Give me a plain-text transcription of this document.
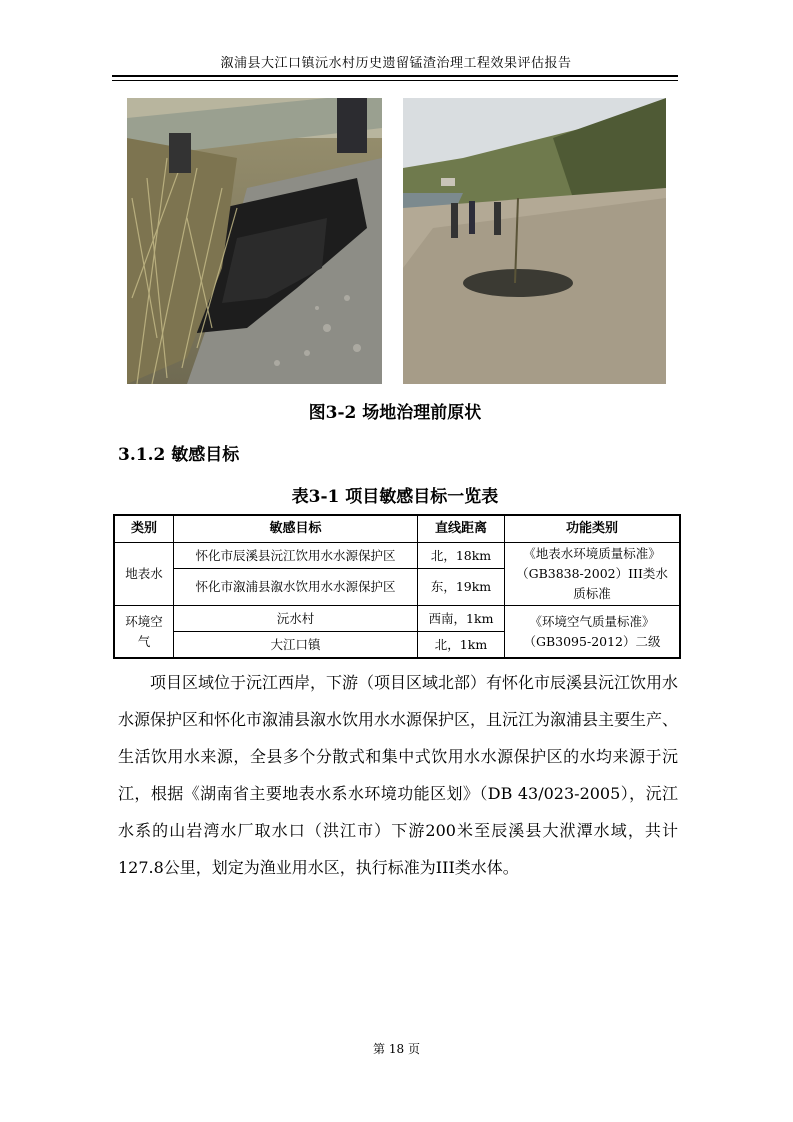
溆浦县大江口镇沅水村历史遗留锰渣治理工程效果评估报告
图3-2 场地治理前原状
3.1.2 敏感目标
表3-1 项目敏感目标一览表
类别	敏感目标	直线距离	功能类别
地表水	怀化市辰溪县沅江饮用水水源保护区	北，18km	《地表水环境质量标准》（GB3838-2002）III类水质标准
	怀化市溆浦县溆水饮用水水源保护区	东，19km	
环境空气	沅水村	西南，1km	《环境空气质量标准》（GB3095-2012）二级
	大江口镇	北，1km	

项目区域位于沅江西岸，下游（项目区域北部）有怀化市辰溪县沅江饮用水水源保护区和怀化市溆浦县溆水饮用水水源保护区，且沅江为溆浦县主要生产、生活饮用水来源，全县多个分散式和集中式饮用水水源保护区的水均来源于沅江，根据《湖南省主要地表水系水环境功能区划》（DB 43/023-2005），沅江水系的山岩湾水厂取水口（洪江市）下游200米至辰溪县大洑潭水域，共计127.8公里，划定为渔业用水区，执行标准为III类水体。

第 18 页
